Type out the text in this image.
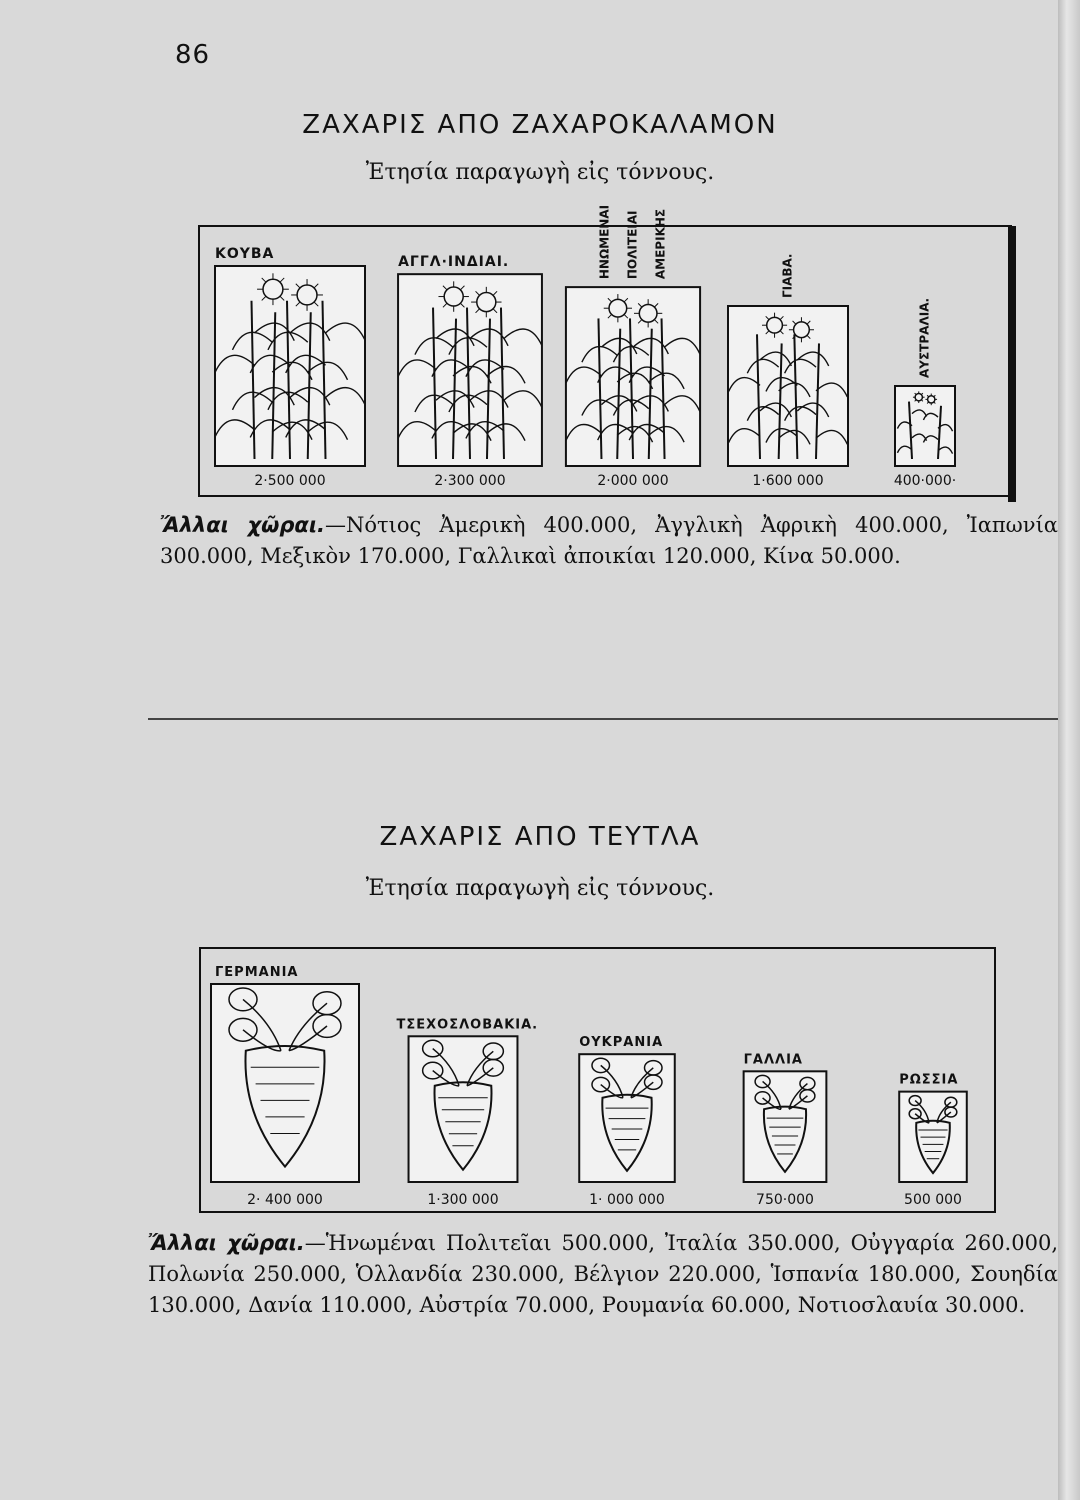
86
ΖΑΧΑΡΙΣ ΑΠΟ ΖΑΧΑΡΟΚΑΛΑΜΟΝ
Ἐτησία παραγωγὴ εἰς τόννους.
2·500 000
ΚΟΥΒΑ
2·300 000
ΑΓΓΛ·ΙΝΔΙΑΙ.
2·000 000
ΗΝΩΜΕΝΑΙ ΠΟΛΙΤΕΙΑΙ ΑΜΕΡΙΚΗΣ
1·600 000
ΓΙΑΒΑ.
400·000·
ΑΥΣΤΡΑΛΙΑ.

Ἄλλαι χῶραι.—Νότιος Ἀμερικὴ 400.000, Ἀγγλικὴ Ἀφρικὴ 400.000, Ἰαπωνία 300.000, Μεξικὸν 170.000, Γαλλικαὶ ἀποικίαι 120.000, Κίνα 50.000.

ΖΑΧΑΡΙΣ ΑΠΟ ΤΕΥΤΛΑ
Ἐτησία παραγωγὴ εἰς τόννους.
2· 400 000
ΓΕΡΜΑΝΙΑ
1·300 000
ΤΣΕΧΟΣΛΟΒΑΚΙΑ.
1· 000 000
ΟΥΚΡΑΝΙΑ
750·000
ΓΑΛΛΙΑ
500 000
ΡΩΣΣΙΑ

Ἄλλαι χῶραι.—Ἡνωμέναι Πολιτεῖαι 500.000, Ἰταλία 350.000, Οὐγγαρία 260.000, Πολωνία 250.000, Ὁλλανδία 230.000, Βέλγιον 220.000, Ἱσπανία 180.000, Σουηδία 130.000, Δανία 110.000, Αὐστρία 70.000, Ρουμανία 60.000, Νοτιοσλαυία 30.000.
